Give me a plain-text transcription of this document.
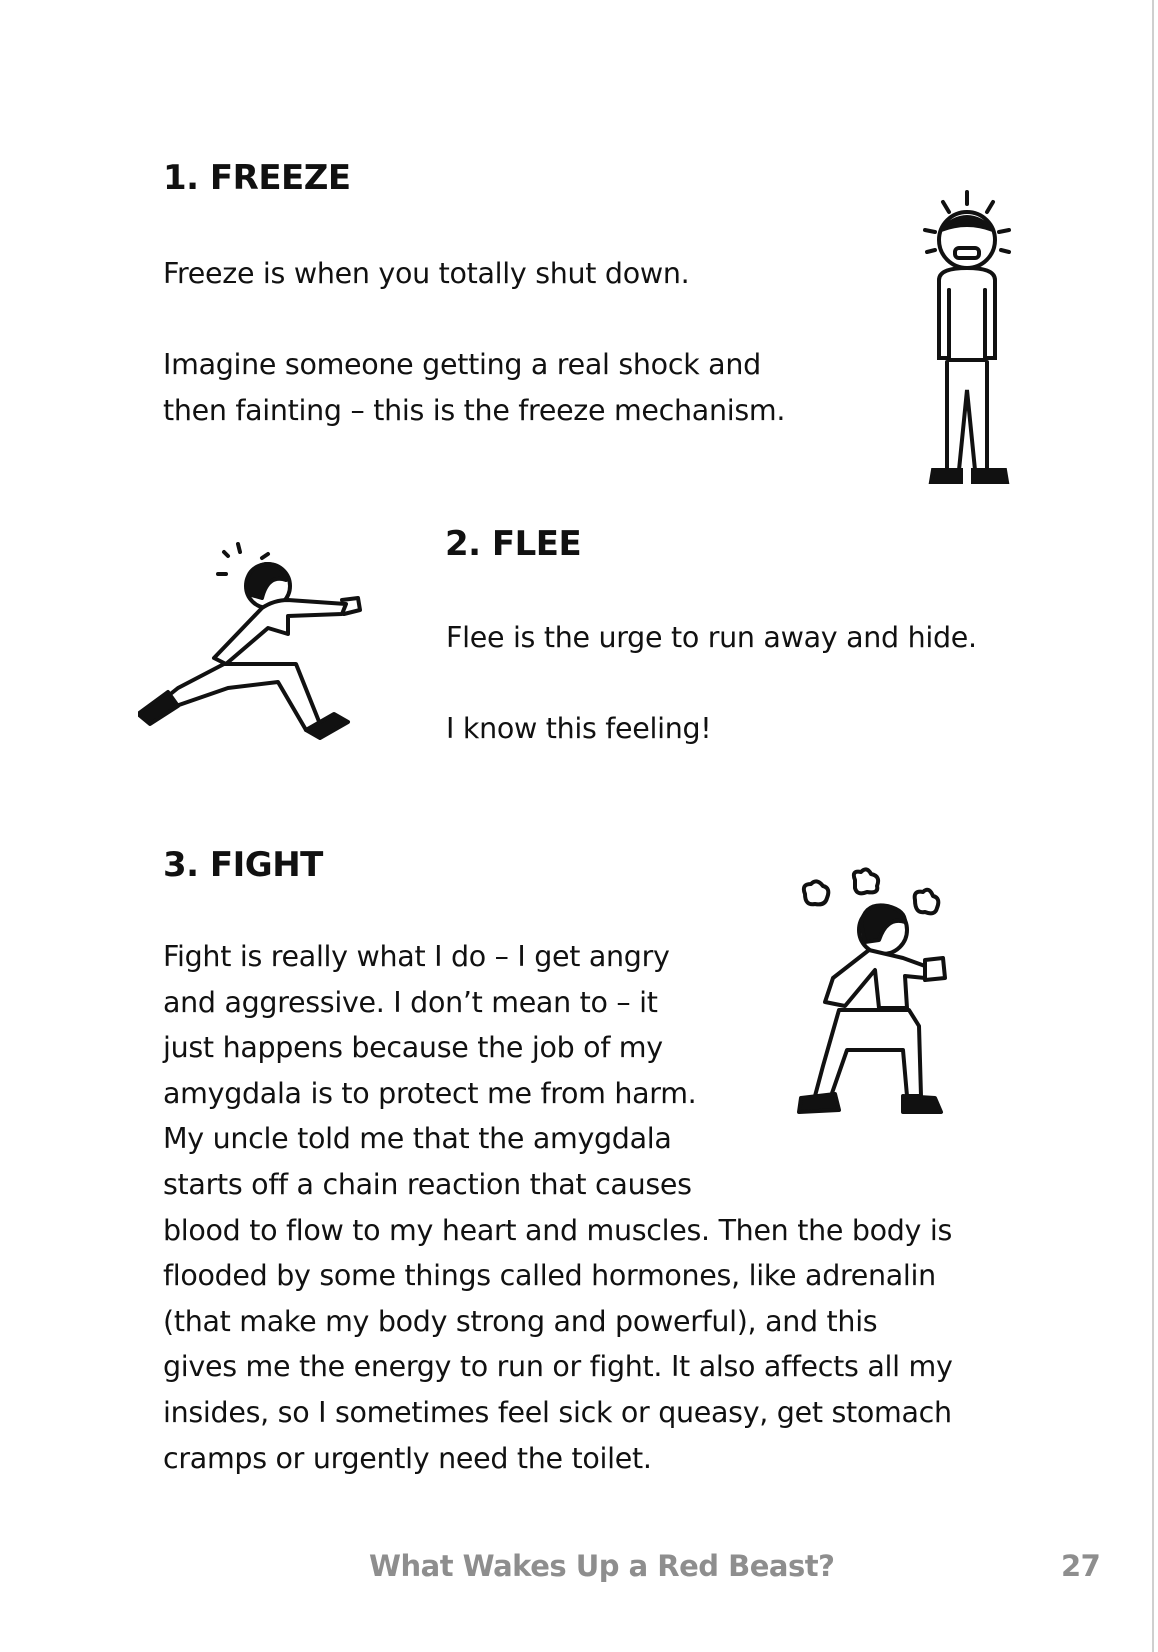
1. FREEZE

Freeze is when you totally shut down.

Imagine someone getting a real shock and
then fainting – this is the freeze mechanism.

2. FLEE

Flee is the urge to run away and hide.

I know this feeling!

3. FIGHT

Fight is really what I do – I get angry
and aggressive. I don’t mean to – it
just happens because the job of my
amygdala is to protect me from harm.
My uncle told me that the amygdala
starts off a chain reaction that causes
blood to flow to my heart and muscles. Then the body is
flooded by some things called hormones, like adrenalin
(that make my body strong and powerful), and this
gives me the energy to run or fight. It also affects all my
insides, so I sometimes feel sick or queasy, get stomach
cramps or urgently need the toilet.

What Wakes Up a Red Beast?	27
